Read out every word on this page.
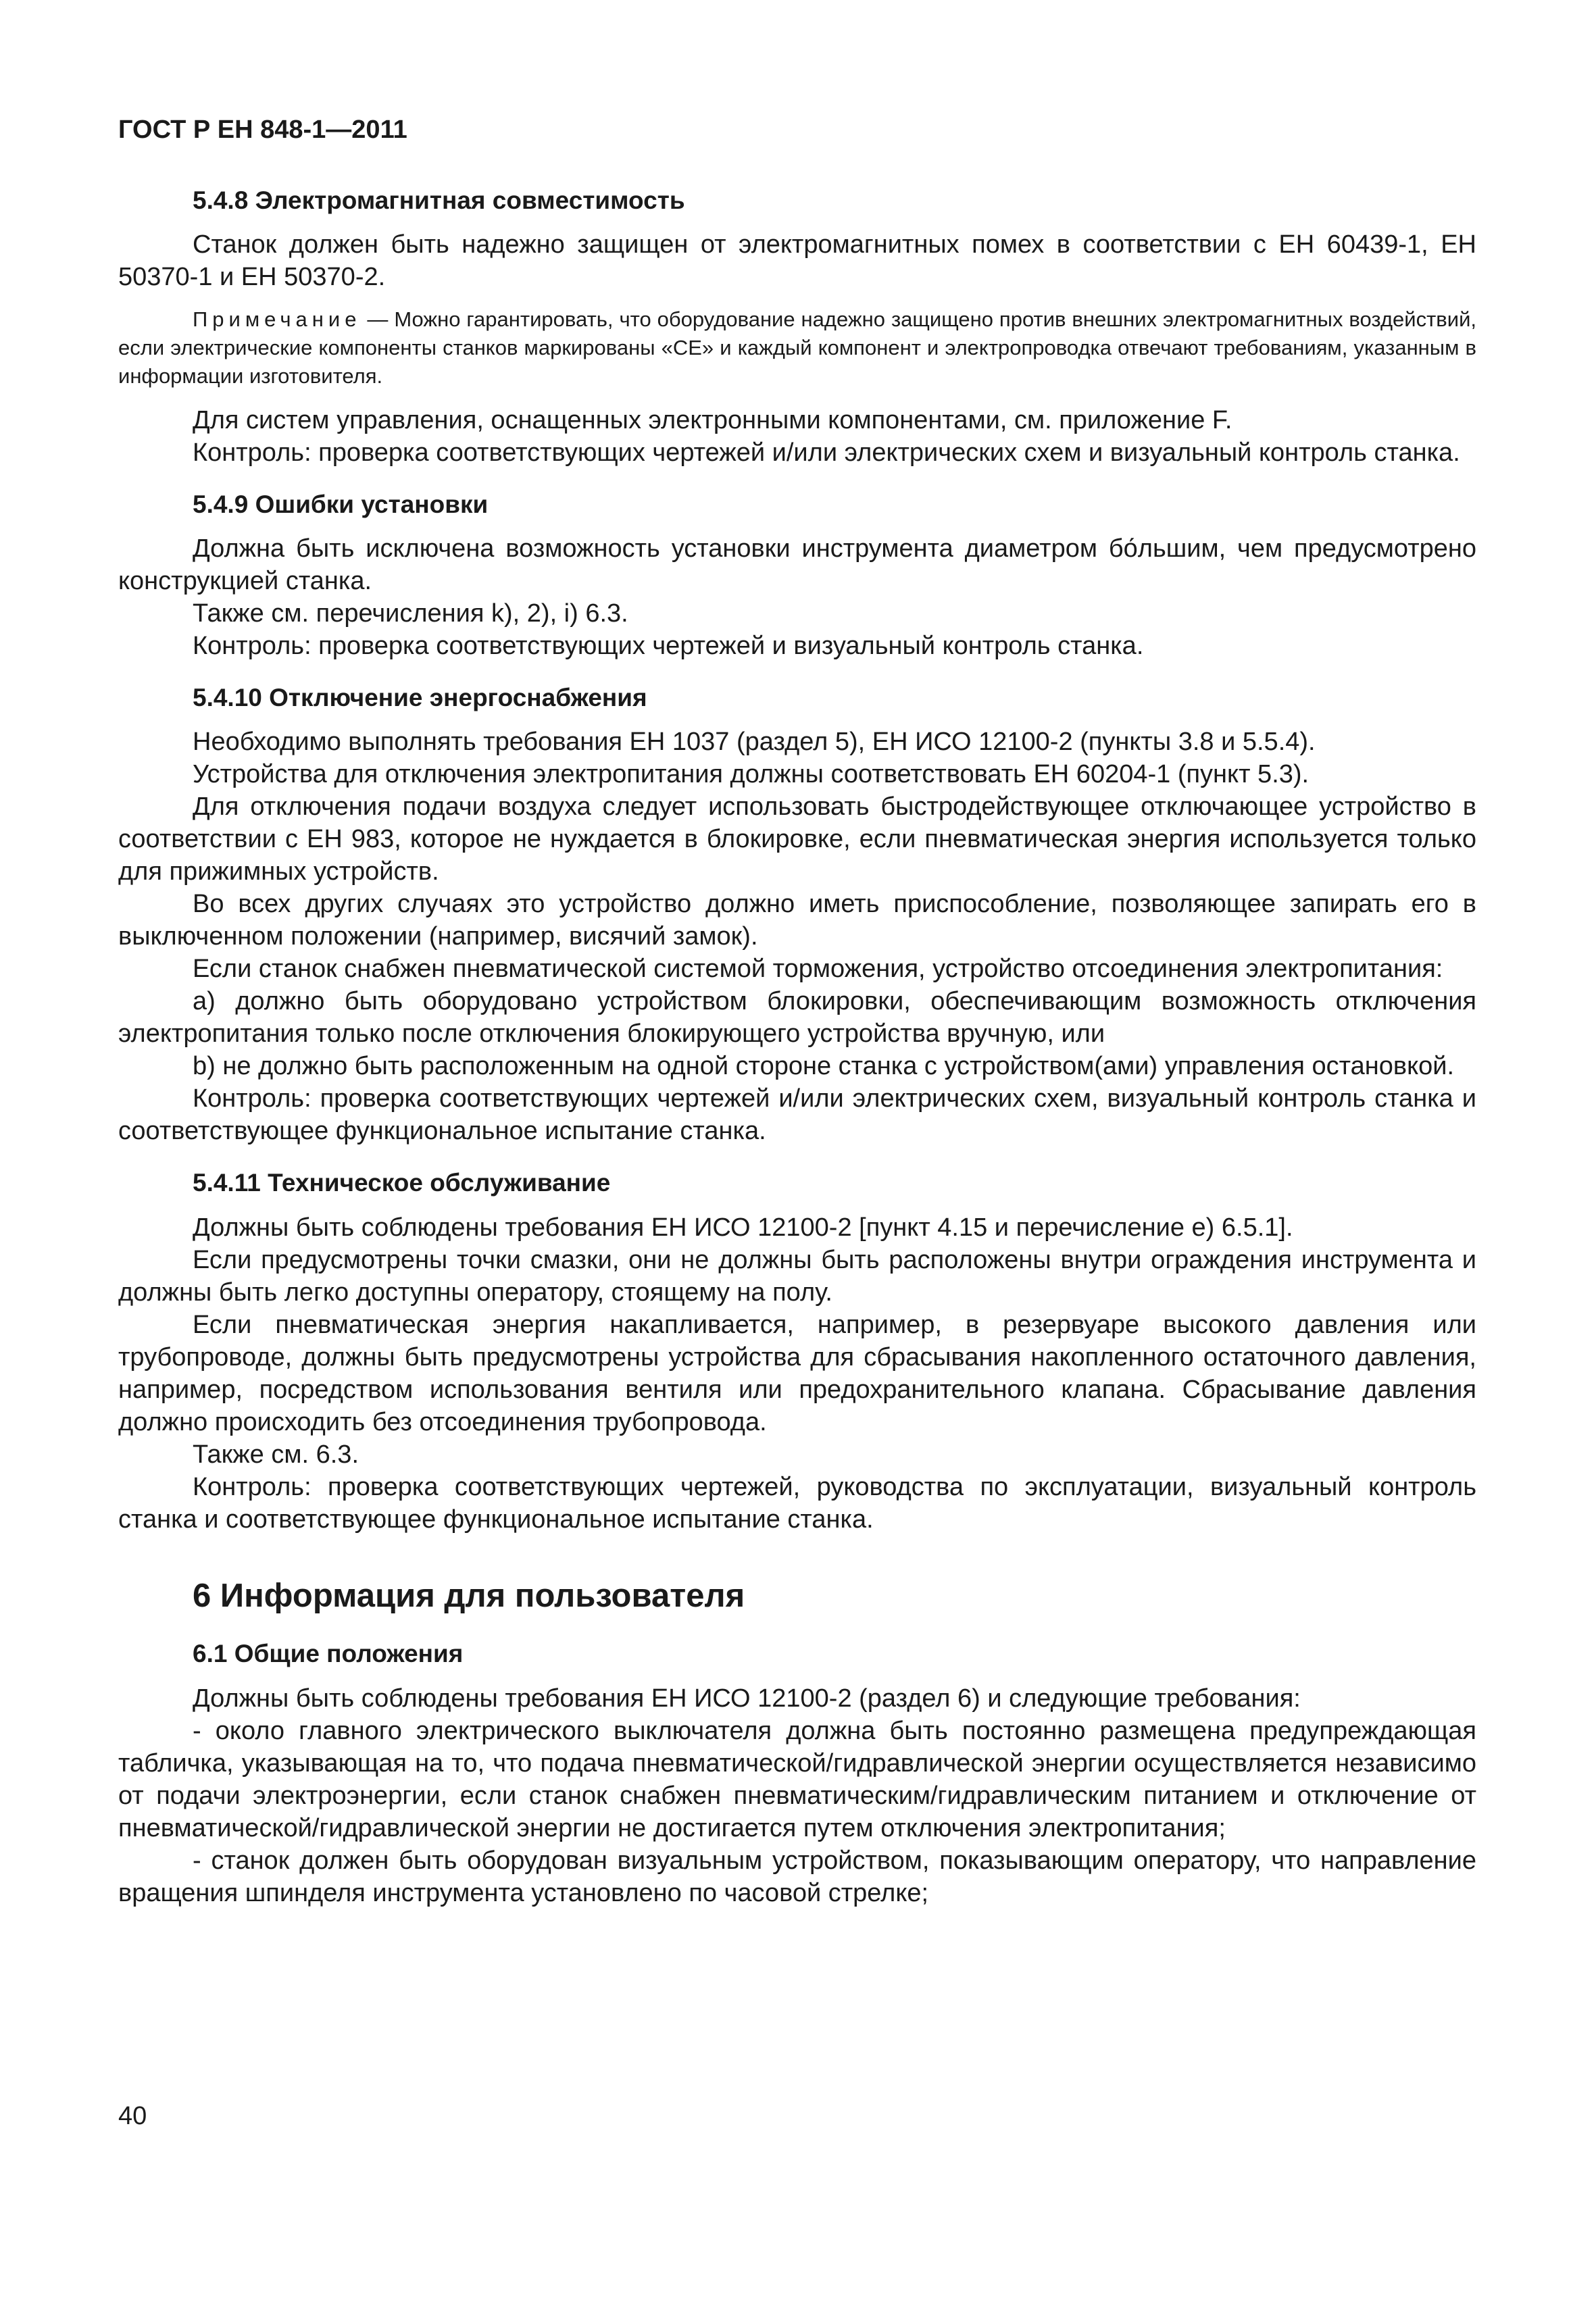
ГОСТ Р ЕН 848-1—2011
5.4.8 Электромагнитная совместимость

Станок должен быть надежно защищен от электромагнитных помех в соответствии с ЕН 60439-1, ЕН 50370-1 и ЕН 50370-2.

Примечание — Можно гарантировать, что оборудование надежно защищено против внешних электромагнитных воздействий, если электрические компоненты станков маркированы «CE» и каждый компонент и электропроводка отвечают требованиям, указанным в информации изготовителя.

Для систем управления, оснащенных электронными компонентами, см. приложение F.

Контроль: проверка соответствующих чертежей и/или электрических схем и визуальный контроль станка.

5.4.9 Ошибки установки

Должна быть исключена возможность установки инструмента диаметром бо́льшим, чем предусмотрено конструкцией станка.

Также см. перечисления k), 2), i) 6.3.

Контроль: проверка соответствующих чертежей и визуальный контроль станка.

5.4.10 Отключение энергоснабжения

Необходимо выполнять требования ЕН 1037 (раздел 5), ЕН ИСО 12100-2 (пункты 3.8 и 5.5.4).

Устройства для отключения электропитания должны соответствовать ЕН 60204-1 (пункт 5.3).

Для отключения подачи воздуха следует использовать быстродействующее отключающее устройство в соответствии с ЕН 983, которое не нуждается в блокировке, если пневматическая энергия используется только для прижимных устройств.

Во всех других случаях это устройство должно иметь приспособление, позволяющее запирать его в выключенном положении (например, висячий замок).

Если станок снабжен пневматической системой торможения, устройство отсоединения электропитания:

а) должно быть оборудовано устройством блокировки, обеспечивающим возможность отключения электропитания только после отключения блокирующего устройства вручную, или

b) не должно быть расположенным на одной стороне станка с устройством(ами) управления остановкой.

Контроль: проверка соответствующих чертежей и/или электрических схем, визуальный контроль станка и соответствующее функциональное испытание станка.

5.4.11 Техническое обслуживание

Должны быть соблюдены требования ЕН ИСО 12100-2 [пункт 4.15 и перечисление е) 6.5.1].

Если предусмотрены точки смазки, они не должны быть расположены внутри ограждения инструмента и должны быть легко доступны оператору, стоящему на полу.

Если пневматическая энергия накапливается, например, в резервуаре высокого давления или трубопроводе, должны быть предусмотрены устройства для сбрасывания накопленного остаточного давления, например, посредством использования вентиля или предохранительного клапана. Сбрасывание давления должно происходить без отсоединения трубопровода.

Также см. 6.3.

Контроль: проверка соответствующих чертежей, руководства по эксплуатации, визуальный контроль станка и соответствующее функциональное испытание станка.

6 Информация для пользователя
6.1 Общие положения

Должны быть соблюдены требования ЕН ИСО 12100-2 (раздел 6) и следующие требования:

- около главного электрического выключателя должна быть постоянно размещена предупреждающая табличка, указывающая на то, что подача пневматической/гидравлической энергии осуществляется независимо от подачи электроэнергии, если станок снабжен пневматическим/гидравлическим питанием и отключение от пневматической/гидравлической энергии не достигается путем отключения электропитания;

- станок должен быть оборудован визуальным устройством, показывающим оператору, что направление вращения шпинделя инструмента установлено по часовой стрелке;

40
